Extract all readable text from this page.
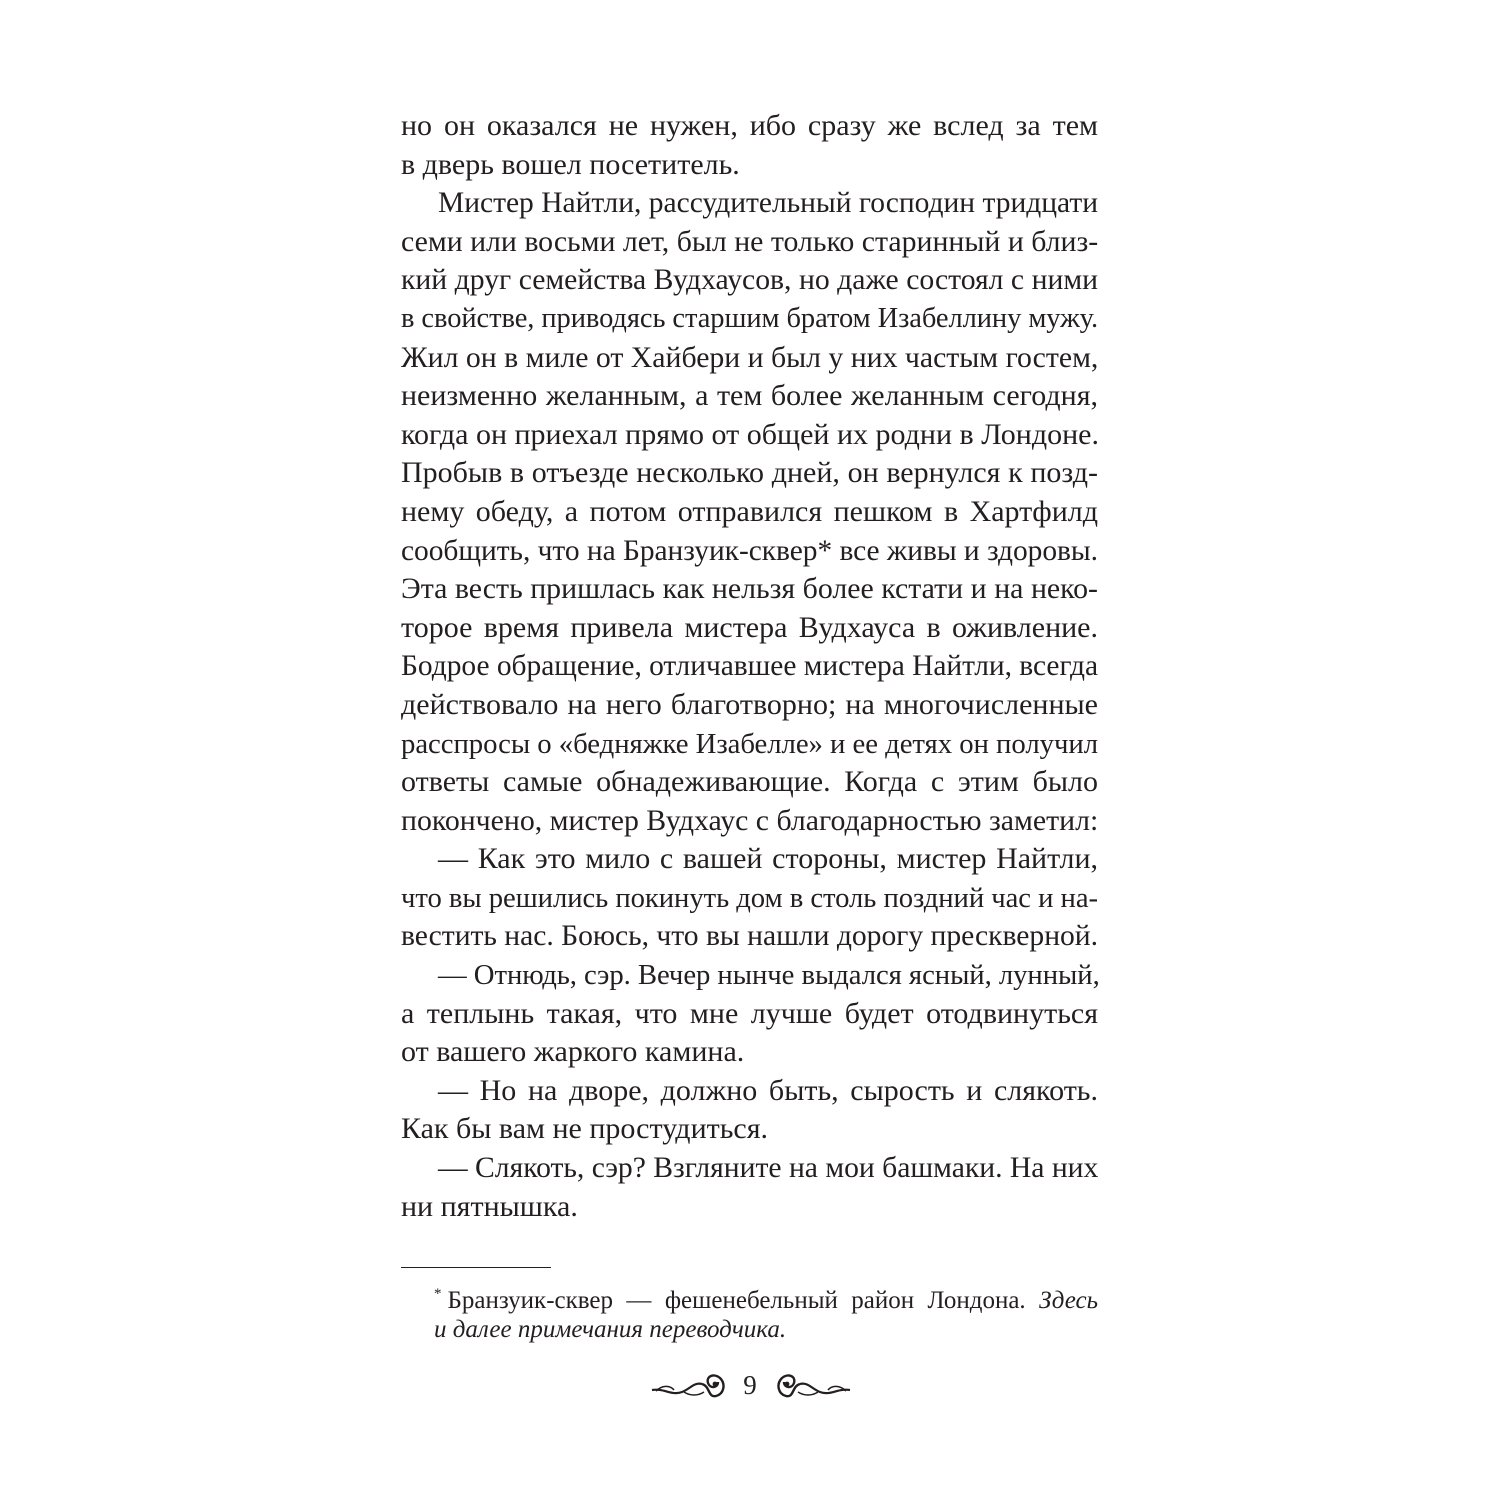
но он оказался не нужен, ибо сразу же вслед за тем
в дверь вошел посетитель.
Мистер Найтли, рассудительный господин тридцати
семи или восьми лет, был не только старинный и близ-
кий друг семейства Вудхаусов, но даже состоял с ними
в свойстве, приводясь старшим братом Изабеллину мужу.
Жил он в миле от Хайбери и был у них частым гостем,
неизменно желанным, а тем более желанным сегодня,
когда он приехал прямо от общей их родни в Лондоне.
Пробыв в отъезде несколько дней, он вернулся к позд-
нему обеду, а потом отправился пешком в Хартфилд
сообщить, что на Бранзуик-сквер* все живы и здоровы.
Эта весть пришлась как нельзя более кстати и на неко-
торое время привела мистера Вудхауса в оживление.
Бодрое обращение, отличавшее мистера Найтли, всегда
действовало на него благотворно; на многочисленные
расспросы о «бедняжке Изабелле» и ее детях он получил
ответы самые обнадеживающие. Когда с этим было
покончено, мистер Вудхаус с благодарностью заметил:
— Как это мило с вашей стороны, мистер Найтли,
что вы решились покинуть дом в столь поздний час и на-
вестить нас. Боюсь, что вы нашли дорогу прескверной.
— Отнюдь, сэр. Вечер нынче выдался ясный, лунный,
а теплынь такая, что мне лучше будет отодвинуться
от вашего жаркого камина.
— Но на дворе, должно быть, сырость и слякоть.
Как бы вам не простудиться.
— Слякоть, сэр? Взгляните на мои башмаки. На них
ни пятнышка.
* Бранзуик-сквер — фешенебельный район Лондона. Здесь
и далее примечания переводчика.
9
